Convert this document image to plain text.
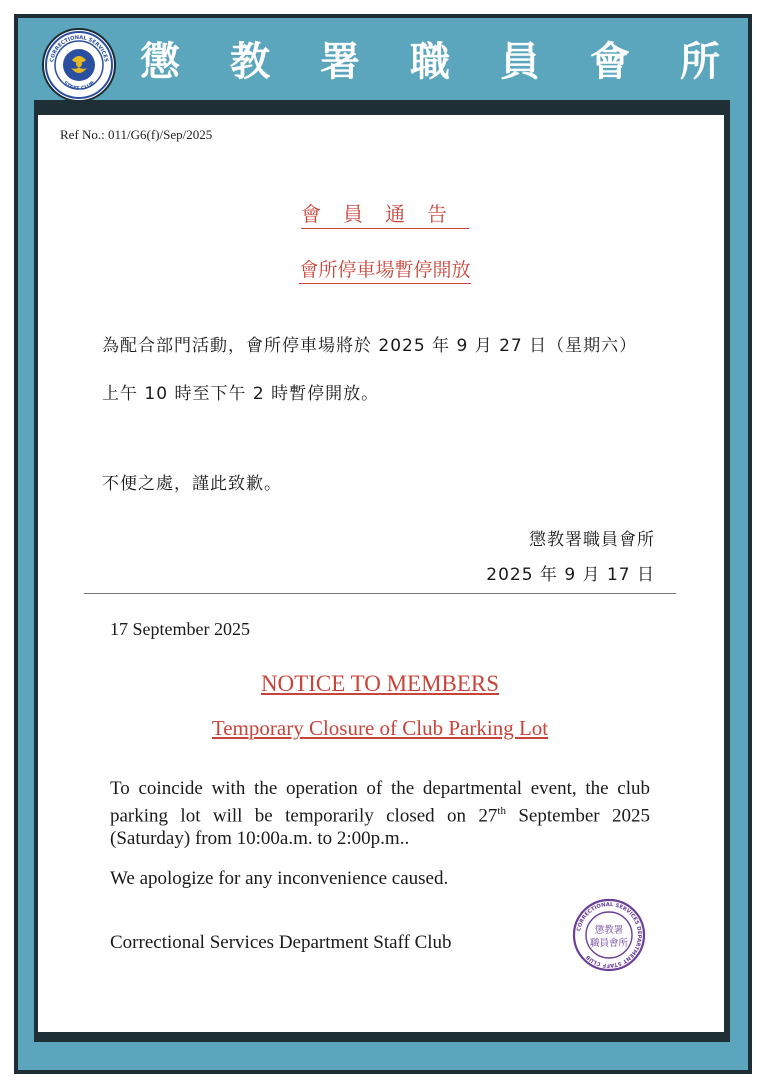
CORRECTIONAL SERVICES
STAFF CLUB 懲 教 署 職 員 會 所
Ref No.: 011/G6(f)/Sep/2025
會員通告
會所停車場暫停開放
為配合部門活動，會所停車場將於 2025 年 9 月 27 日（星期六）
上午 10 時至下午 2 時暫停開放。
不便之處，謹此致歉。
懲教署職員會所
2025 年 9 月 17 日
17 September 2025
NOTICE TO MEMBERS
Temporary Closure of Club Parking Lot
To coincide with the operation of the departmental event, the club parking lot will be temporarily closed on 27th September 2025 (Saturday) from 10:00a.m. to 2:00p.m..
We apologize for any inconvenience caused.
Correctional Services Department Staff Club
CORRECTIONAL SERVICES DEPARTMENT STAFF CLUB
懲教署
職員會所
